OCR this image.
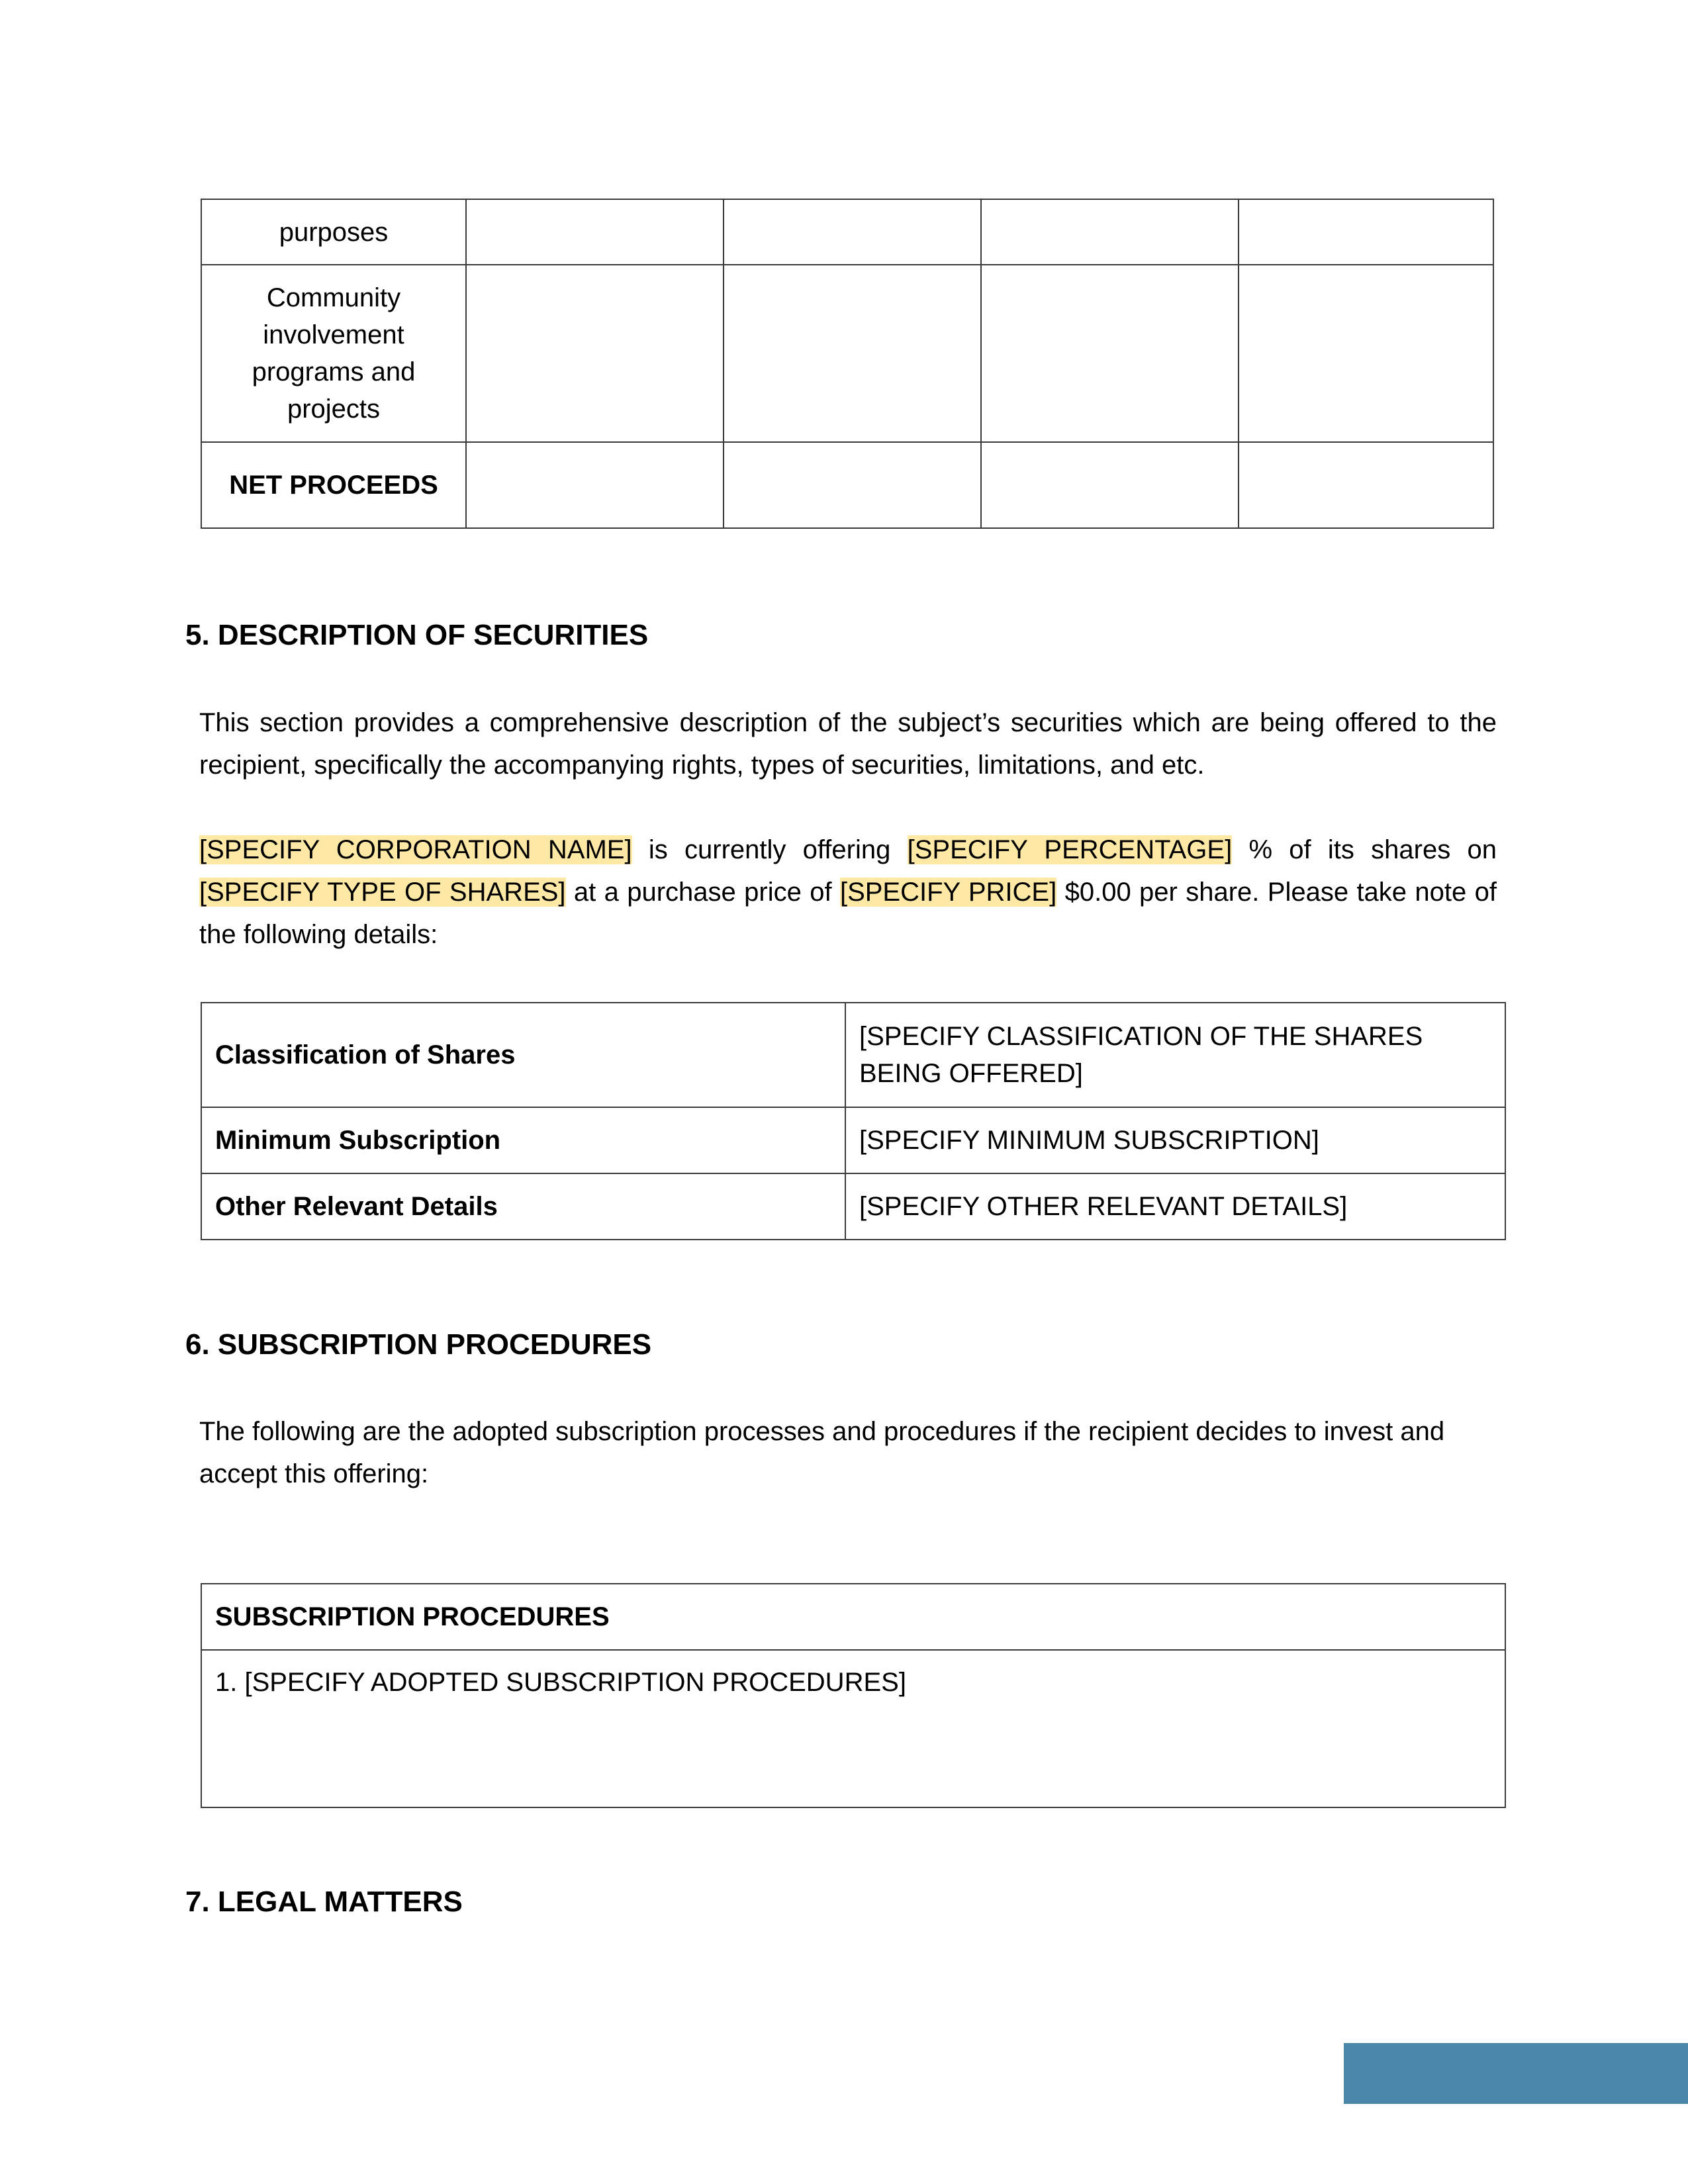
purposes				
Community involvement programs and projects				
NET PROCEEDS				
5. DESCRIPTION OF SECURITIES
This section provides a comprehensive description of the subject’s securities which are being offered to the recipient, specifically the accompanying rights, types of securities, limitations, and etc.
[SPECIFY CORPORATION NAME] is currently offering [SPECIFY PERCENTAGE] % of its shares on [SPECIFY TYPE OF SHARES] at a purchase price of [SPECIFY PRICE] $0.00 per share. Please take note of the following details:
Classification of Shares	[SPECIFY CLASSIFICATION OF THE SHARES BEING OFFERED]
Minimum Subscription	[SPECIFY MINIMUM SUBSCRIPTION]
Other Relevant Details	[SPECIFY OTHER RELEVANT DETAILS]
6. SUBSCRIPTION PROCEDURES
The following are the adopted subscription processes and procedures if the recipient decides to invest and accept this offering:
SUBSCRIPTION PROCEDURES
1. [SPECIFY ADOPTED SUBSCRIPTION PROCEDURES]
7. LEGAL MATTERS
